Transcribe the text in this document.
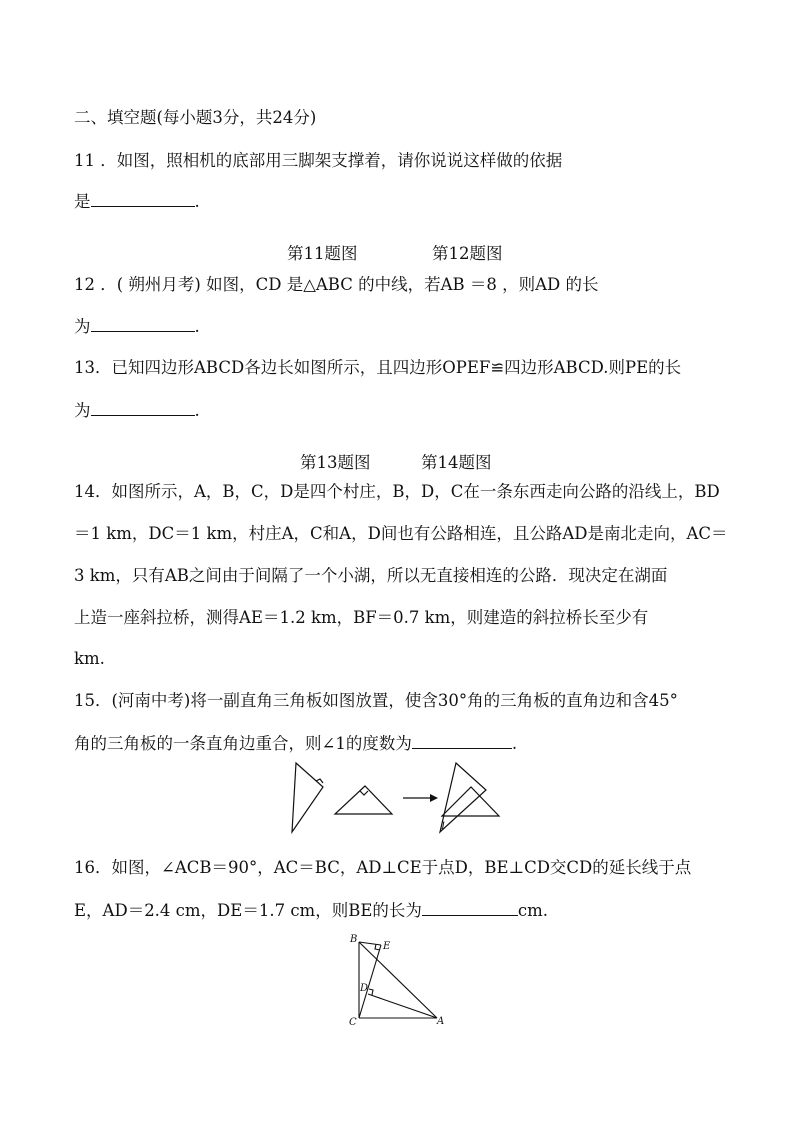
二、填空题(每小题3分，共24分)
11 ．如图，照相机的底部用三脚架支撑着，请你说说这样做的依据
是	.
第11题图	第12题图
12 ．( 朔州月考) 如图，CD 是△ABC 的中线，若AB ＝8 ，则AD 的长
为	.
13．已知四边形ABCD各边长如图所示，且四边形OPEF≌四边形ABCD.则PE的长
为	.
第13题图	第14题图
14．如图所示，A，B，C，D是四个村庄，B，D，C在一条东西走向公路的沿线上，BD
＝1 km，DC＝1 km，村庄A，C和A，D间也有公路相连，且公路AD是南北走向，AC＝
3 km，只有AB之间由于间隔了一个小湖，所以无直接相连的公路．现决定在湖面
上造一座斜拉桥，测得AE＝1.2 km，BF＝0.7 km，则建造的斜拉桥长至少有
km.
15．(河南中考)将一副直角三角板如图放置，使含30°角的三角板的直角边和含45°
角的三角板的一条直角边重合，则∠1的度数为	.
1
16．如图，∠ACB＝90°，AC＝BC，AD⊥CE于点D，BE⊥CD交CD的延长线于点
E，AD＝2.4 cm，DE＝1.7 cm，则BE的长为	cm.
B
E
D
C	A
